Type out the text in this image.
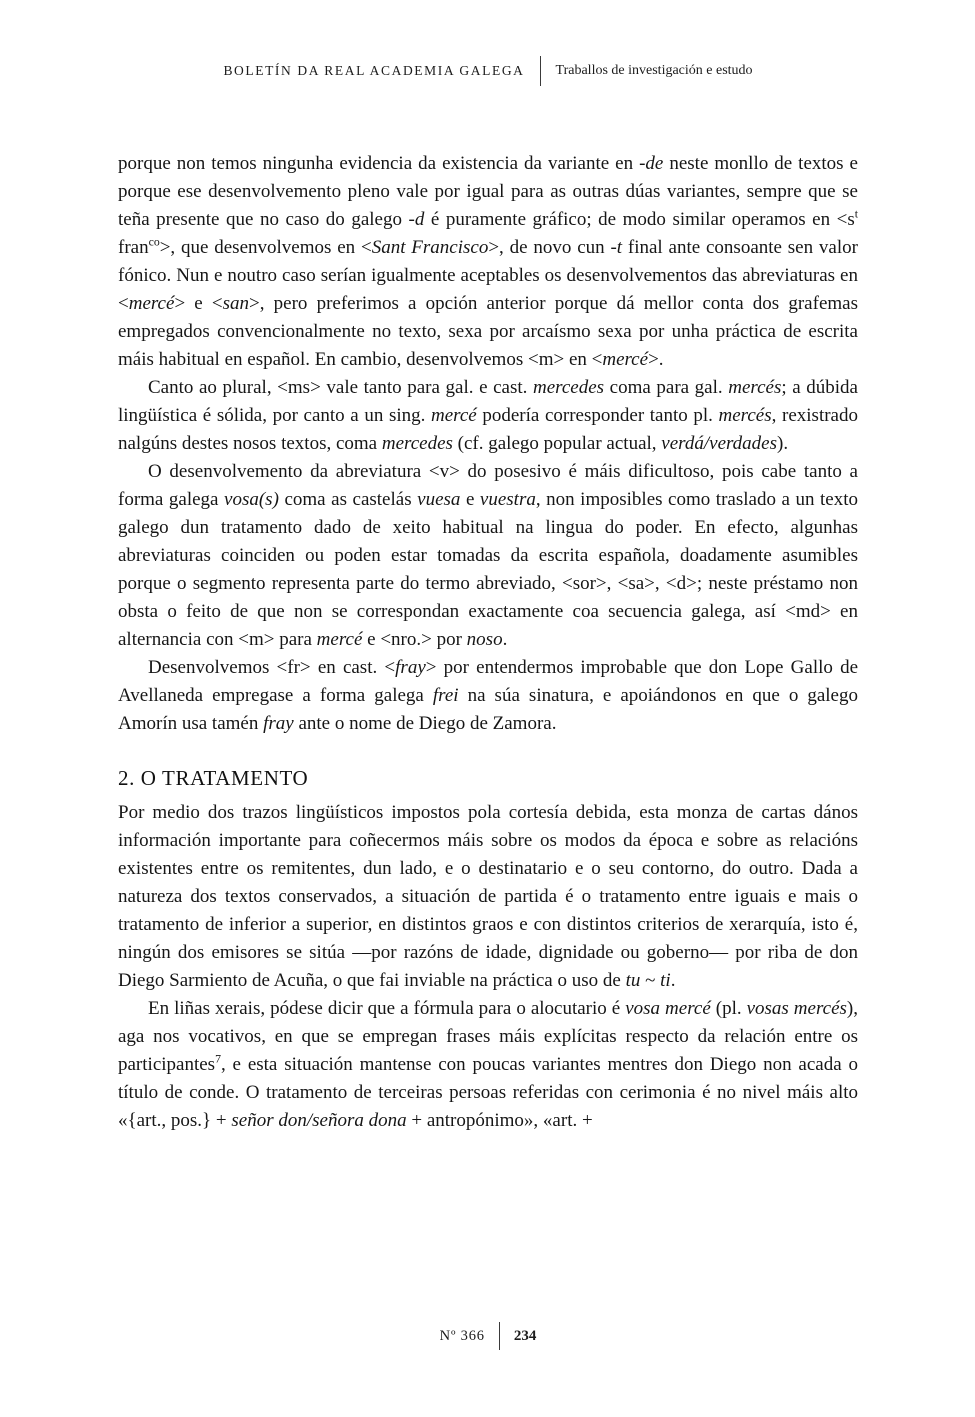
BOLETÍN DA REAL ACADEMIA GALEGA Traballos de investigación e estudo

porque non temos ningunha evidencia da existencia da variante en -de neste monllo de textos e porque ese desenvolvemento pleno vale por igual para as outras dúas variantes, sempre que se teña presente que no caso do galego -d é puramente gráfico; de modo similar operamos en $<s^t$ fran$^{co}$>, que desenvolvemos en <Sant Francisco>, de novo cun -t final ante consoante sen valor fónico. Nun e noutro caso serían igualmente aceptables os desenvolvementos das abreviaturas en <mercé> e <san>, pero preferimos a opción anterior porque dá mellor conta dos grafemas empregados convencionalmente no texto, sexa por arcaísmo sexa por unha práctica de escrita máis habitual en español. En cambio, desenvolvemos <m> en <mercé>.

Canto ao plural, <ms> vale tanto para gal. e cast. mercedes coma para gal. mercés; a dúbida lingüística é sólida, por canto a un sing. mercé podería corresponder tanto pl. mercés, rexistrado nalgúns destes nosos textos, coma mercedes (cf. galego popular actual, verdá/verdades).

O desenvolvemento da abreviatura <v> do posesivo é máis dificultoso, pois cabe tanto a forma galega vosa(s) coma as castelás vuesa e vuestra, non imposibles como traslado a un texto galego dun tratamento dado de xeito habitual na lingua do poder. En efecto, algunhas abreviaturas coinciden ou poden estar tomadas da escrita española, doadamente asumibles porque o segmento representa parte do termo abreviado, <sor>, <sa>, <d>; neste préstamo non obsta o feito de que non se correspondan exactamente coa secuencia galega, así <md> en alternancia con <m> para mercé e <nro.> por noso.

Desenvolvemos <fr> en cast. <fray> por entendermos improbable que don Lope Gallo de Avellaneda empregase a forma galega frei na súa sinatura, e apoiándonos en que o galego Amorín usa tamén fray ante o nome de Diego de Zamora.

2. O TRATAMENTO

Por medio dos trazos lingüísticos impostos pola cortesía debida, esta monza de cartas dános información importante para coñecermos máis sobre os modos da época e sobre as relacións existentes entre os remitentes, dun lado, e o destinatario e o seu contorno, do outro. Dada a natureza dos textos conservados, a situación de partida é o tratamento entre iguais e mais o tratamento de inferior a superior, en distintos graos e con distintos criterios de xerarquía, isto é, ningún dos emisores se sitúa —por razóns de idade, dignidade ou goberno— por riba de don Diego Sarmiento de Acuña, o que fai inviable na práctica o uso de tu ~ ti.

En liñas xerais, pódese dicir que a fórmula para o alocutario é vosa mercé (pl. vosas mercés), aga nos vocativos, en que se empregan frases máis explícitas respecto da relación entre os participantes$^7$, e esta situación mantense con poucas variantes mentres don Diego non acada o título de conde. O tratamento de terceiras persoas referidas con cerimonia é no nivel máis alto «{art., pos.} + señor don/señora dona + antropónimo», «art. +

Nº 366 234
